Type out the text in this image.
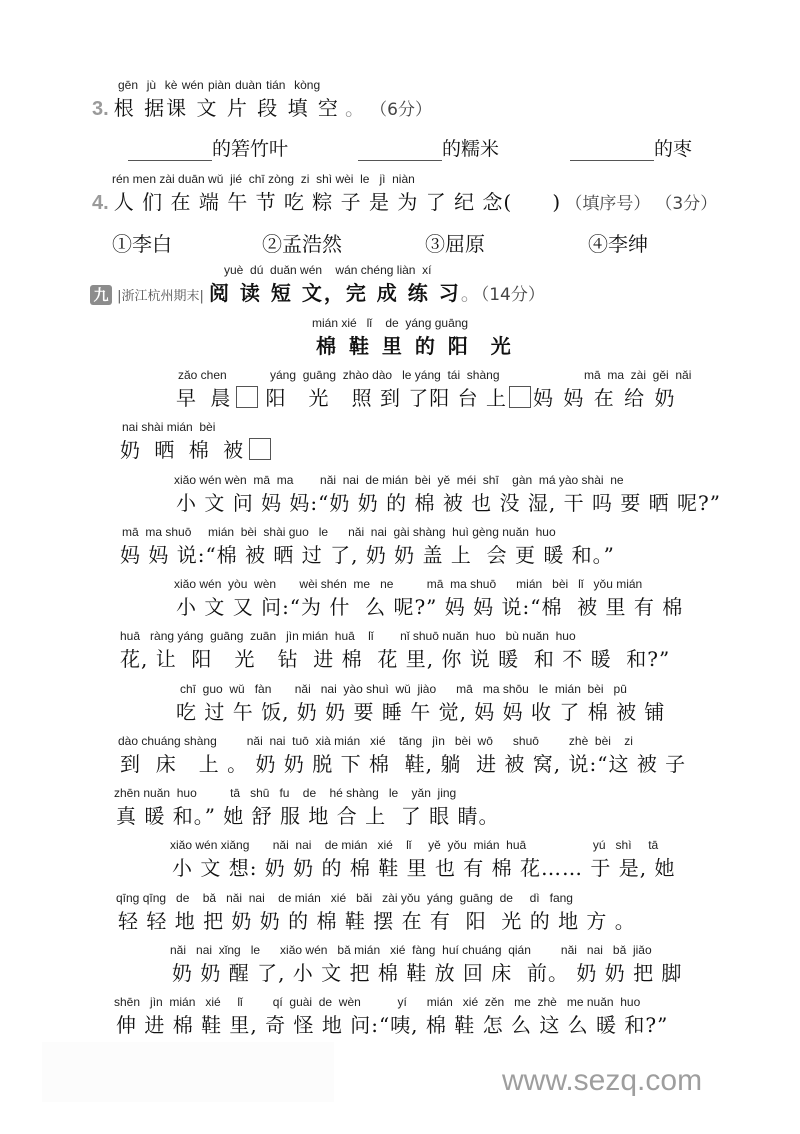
gēn  jù  kè wén piàn duàn tián  kòng
3. 根 据课 文 片 段 填 空 。 （6分）
的箬竹叶	的糯米	的枣
rén men zài duān wǔ  jié  chī zòng  zi  shì wèi  le   jì  niàn
4. 人 们 在 端 午 节 吃 粽 子 是 为 了 纪 念( ) （填序号） （3分）
①李白	②孟浩然	③屈原	④李绅
yuè  dú  duǎn wén    wán chéng liàn  xí
九 |浙江杭州期末| 阅 读 短 文，完 成 练 习。（14分）
mián xié   lǐ    de  yáng guāng
棉 鞋 里 的 阳  光
zǎo chen	yáng  guāng  zhào dào   le yáng  tái  shàng	mā  ma  zài  gěi  nǎi
早 晨 阳   光   照 到 了阳 台 上 妈 妈 在 给 奶
nai shài mián  bèi
奶 晒 棉 被
xiǎo wén wèn  mā  ma        nǎi  nai  de mián  bèi  yě  méi  shī    gàn  má yào shài  ne
小 文 问 妈 妈:“奶 奶 的 棉 被 也 没 湿, 干 吗 要 晒 呢?”
mā  ma shuō     mián  bèi  shài guo   le      nǎi  nai  gài shàng  huì gèng nuǎn  huo
妈 妈 说:“棉 被 晒 过 了, 奶 奶 盖 上  会 更 暖 和。”
xiǎo wén  yòu  wèn       wèi shén  me   ne          mā  ma shuō      mián   bèi   lǐ   yǒu mián
小 文 又 问:“为 什  么 呢?” 妈 妈 说:“棉  被 里 有 棉
huā   ràng yáng  guāng  zuān   jìn mián  huā    lǐ        nǐ shuō nuǎn  huo   bù nuǎn  huo
花, 让  阳   光   钻  进 棉  花 里, 你 说 暖  和 不 暖  和?”
chī  guo  wǔ   fàn       nǎi   nai  yào shuì  wǔ  jiào      mā   ma shōu   le  mián  bèi   pū
吃 过 午 饭, 奶 奶 要 睡 午 觉, 妈 妈 收 了 棉 被 铺
dào chuáng shàng         nǎi  nai  tuō  xià mián   xié    tǎng   jìn   bèi  wō      shuō         zhè  bèi    zi
到  床   上 。 奶 奶 脱 下 棉  鞋, 躺  进 被 窝, 说:“这 被 子
zhēn nuǎn  huo          tā   shū   fu    de    hé shàng   le    yǎn  jing
真 暖 和。” 她 舒 服 地 合 上  了 眼 睛。
xiǎo wén xiǎng       nǎi  nai    de mián   xié    lǐ     yě  yǒu  mián  huā                    yú   shì     tā
小 文 想: 奶 奶 的 棉 鞋 里 也 有 棉 花…… 于 是, 她
qīng qīng   de    bǎ   nǎi  nai    de mián   xié   bǎi   zài yǒu  yáng  guāng  de     dì   fang
轻 轻 地 把 奶 奶 的 棉 鞋 摆 在 有  阳  光 的 地 方 。
nǎi   nai  xǐng   le      xiǎo wén   bǎ mián   xié  fàng  huí chuáng  qián         nǎi   nai   bǎ  jiǎo
奶 奶 醒 了, 小 文 把 棉 鞋 放 回 床  前。 奶 奶 把 脚
shēn   jìn  mián   xié     lǐ         qí  guài  de  wèn           yí      mián   xié  zěn   me  zhè   me nuǎn  huo
伸 进 棉 鞋 里, 奇 怪 地 问:“咦, 棉 鞋 怎 么 这 么 暖 和?”
www.sezq.com
